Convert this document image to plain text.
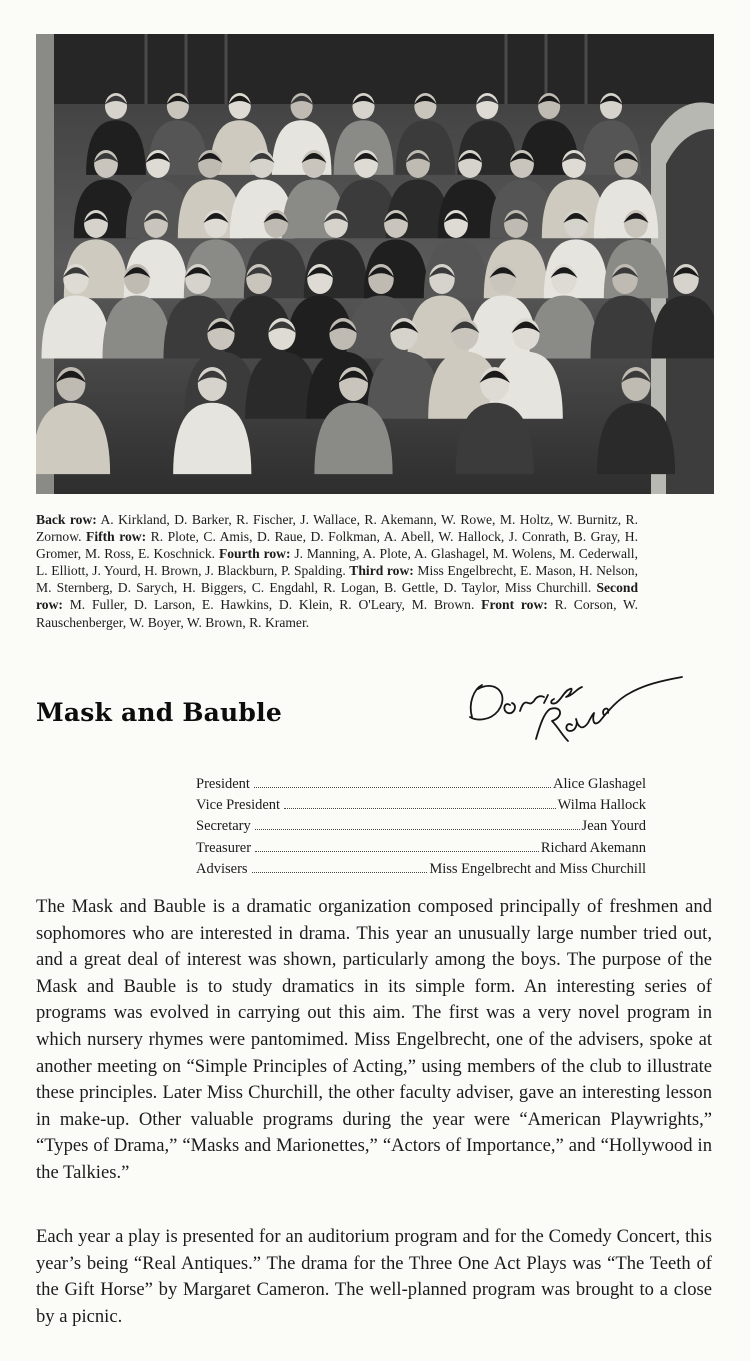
Back row: A. Kirkland, D. Barker, R. Fischer, J. Wallace, R. Akemann, W. Rowe, M. Holtz, W. Burnitz, R. Zornow. Fifth row: R. Plote, C. Amis, D. Raue, D. Folkman, A. Abell, W. Hallock, J. Conrath, B. Gray, H. Gromer, M. Ross, E. Koschnick. Fourth row: J. Manning, A. Plote, A. Glashagel, M. Wolens, M. Cederwall, L. Elliott, J. Yourd, H. Brown, J. Blackburn, P. Spalding. Third row: Miss Engelbrecht, E. Mason, H. Nelson, M. Sternberg, D. Sarych, H. Biggers, C. Engdahl, R. Logan, B. Gettle, D. Taylor, Miss Churchill. Second row: M. Fuller, D. Larson, E. Hawkins, D. Klein, R. O'Leary, M. Brown. Front row: R. Corson, W. Rauschenberger, W. Boyer, W. Brown, R. Kramer.
Mask and Bauble
President	Alice Glashagel
Vice President	Wilma Hallock
Secretary	Jean Yourd
Treasurer	Richard Akemann
Advisers	Miss Engelbrecht and Miss Churchill

The Mask and Bauble is a dramatic organization composed principally of freshmen and sophomores who are interested in drama. This year an unusually large number tried out, and a great deal of interest was shown, particularly among the boys. The purpose of the Mask and Bauble is to study dramatics in its simple form. An interesting series of programs was evolved in carrying out this aim. The first was a very novel program in which nursery rhymes were pantomimed. Miss Engelbrecht, one of the advisers, spoke at another meeting on “Simple Principles of Acting,” using members of the club to illustrate these principles. Later Miss Churchill, the other faculty adviser, gave an interesting lesson in make-up. Other valuable programs during the year were “American Playwrights,” “Types of Drama,” “Masks and Marionettes,” “Actors of Importance,” and “Hollywood in the Talkies.”

Each year a play is presented for an auditorium program and for the Comedy Concert, this year’s being “Real Antiques.” The drama for the Three One Act Plays was “The Teeth of the Gift Horse” by Margaret Cameron. The well-planned program was brought to a close by a picnic.
